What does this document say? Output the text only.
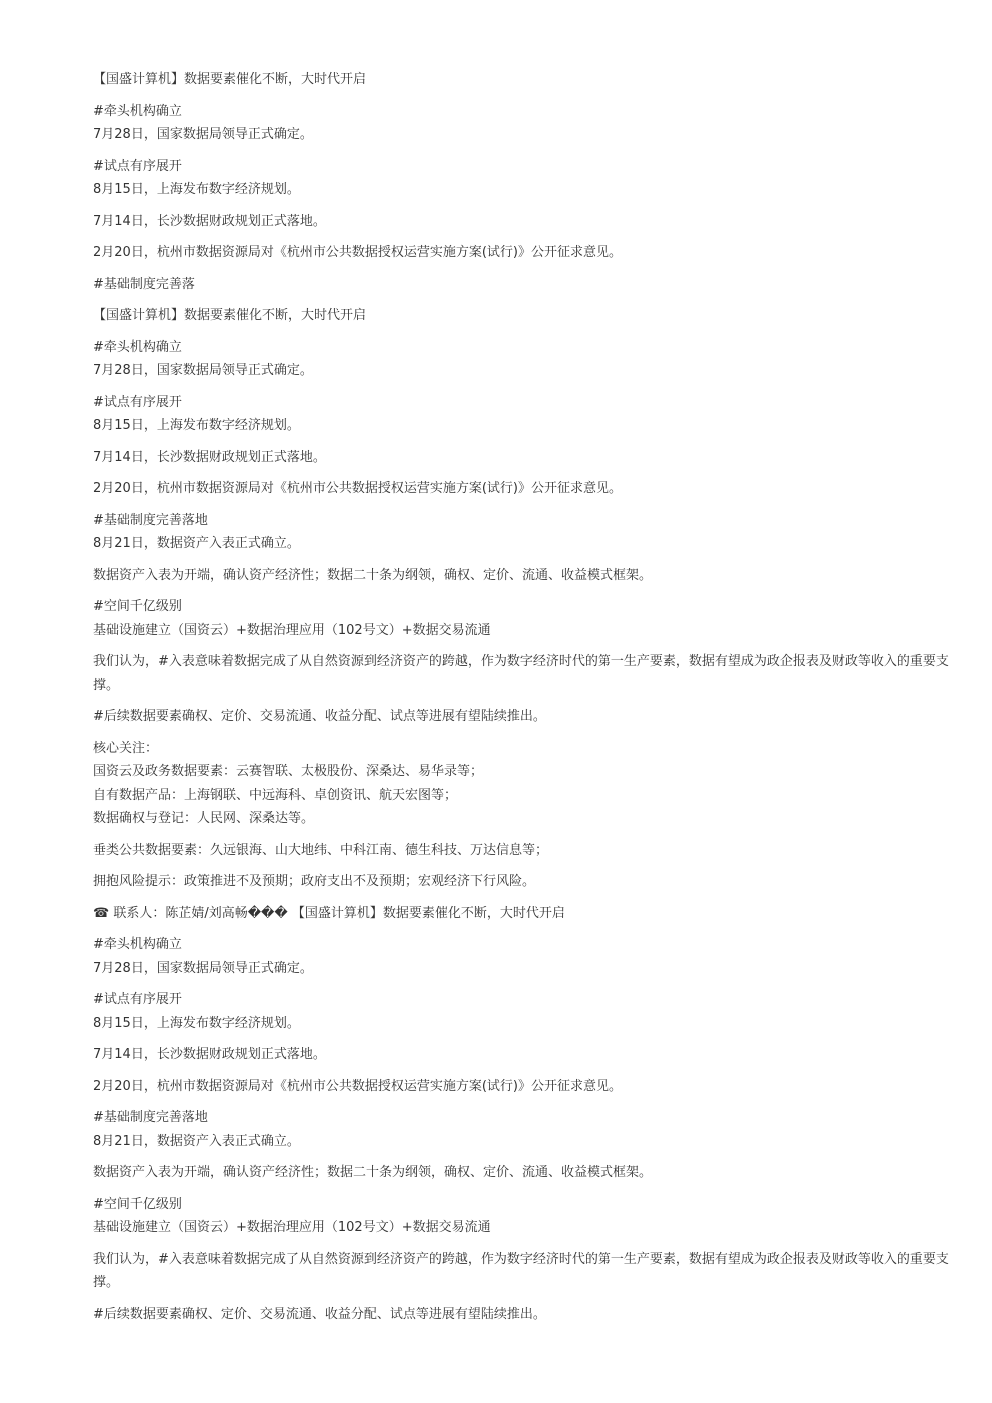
【国盛计算机】数据要素催化不断，大时代开启
#牵头机构确立
7月28日，国家数据局领导正式确定。
#试点有序展开
8月15日，上海发布数字经济规划。
7月14日，长沙数据财政规划正式落地。
2月20日，杭州市数据资源局对《杭州市公共数据授权运营实施方案(试行)》公开征求意见。
#基础制度完善落
【国盛计算机】数据要素催化不断，大时代开启
#牵头机构确立
7月28日，国家数据局领导正式确定。
#试点有序展开
8月15日，上海发布数字经济规划。
7月14日，长沙数据财政规划正式落地。
2月20日，杭州市数据资源局对《杭州市公共数据授权运营实施方案(试行)》公开征求意见。
#基础制度完善落地
8月21日，数据资产入表正式确立。
数据资产入表为开端，确认资产经济性；数据二十条为纲领，确权、定价、流通、收益模式框架。
#空间千亿级别
基础设施建立（国资云）+数据治理应用（102号文）+数据交易流通
我们认为，#入表意味着数据完成了从自然资源到经济资产的跨越，作为数字经济时代的第一生产要素，数据有望成为政企报表及财政等收入的重要支撑。
#后续数据要素确权、定价、交易流通、收益分配、试点等进展有望陆续推出。
核心关注：
国资云及政务数据要素：云赛智联、太极股份、深桑达、易华录等；
自有数据产品：上海钢联、中远海科、卓创资讯、航天宏图等；
数据确权与登记：人民网、深桑达等。
垂类公共数据要素：久远银海、山大地纬、中科江南、德生科技、万达信息等；
拥抱风险提示：政策推进不及预期；政府支出不及预期；宏观经济下行风险。
☎ 联系人：陈芷婧/刘高畅��� 【国盛计算机】数据要素催化不断，大时代开启
#牵头机构确立
7月28日，国家数据局领导正式确定。
#试点有序展开
8月15日，上海发布数字经济规划。
7月14日，长沙数据财政规划正式落地。
2月20日，杭州市数据资源局对《杭州市公共数据授权运营实施方案(试行)》公开征求意见。
#基础制度完善落地
8月21日，数据资产入表正式确立。
数据资产入表为开端，确认资产经济性；数据二十条为纲领，确权、定价、流通、收益模式框架。
#空间千亿级别
基础设施建立（国资云）+数据治理应用（102号文）+数据交易流通
我们认为，#入表意味着数据完成了从自然资源到经济资产的跨越，作为数字经济时代的第一生产要素，数据有望成为政企报表及财政等收入的重要支撑。
#后续数据要素确权、定价、交易流通、收益分配、试点等进展有望陆续推出。
